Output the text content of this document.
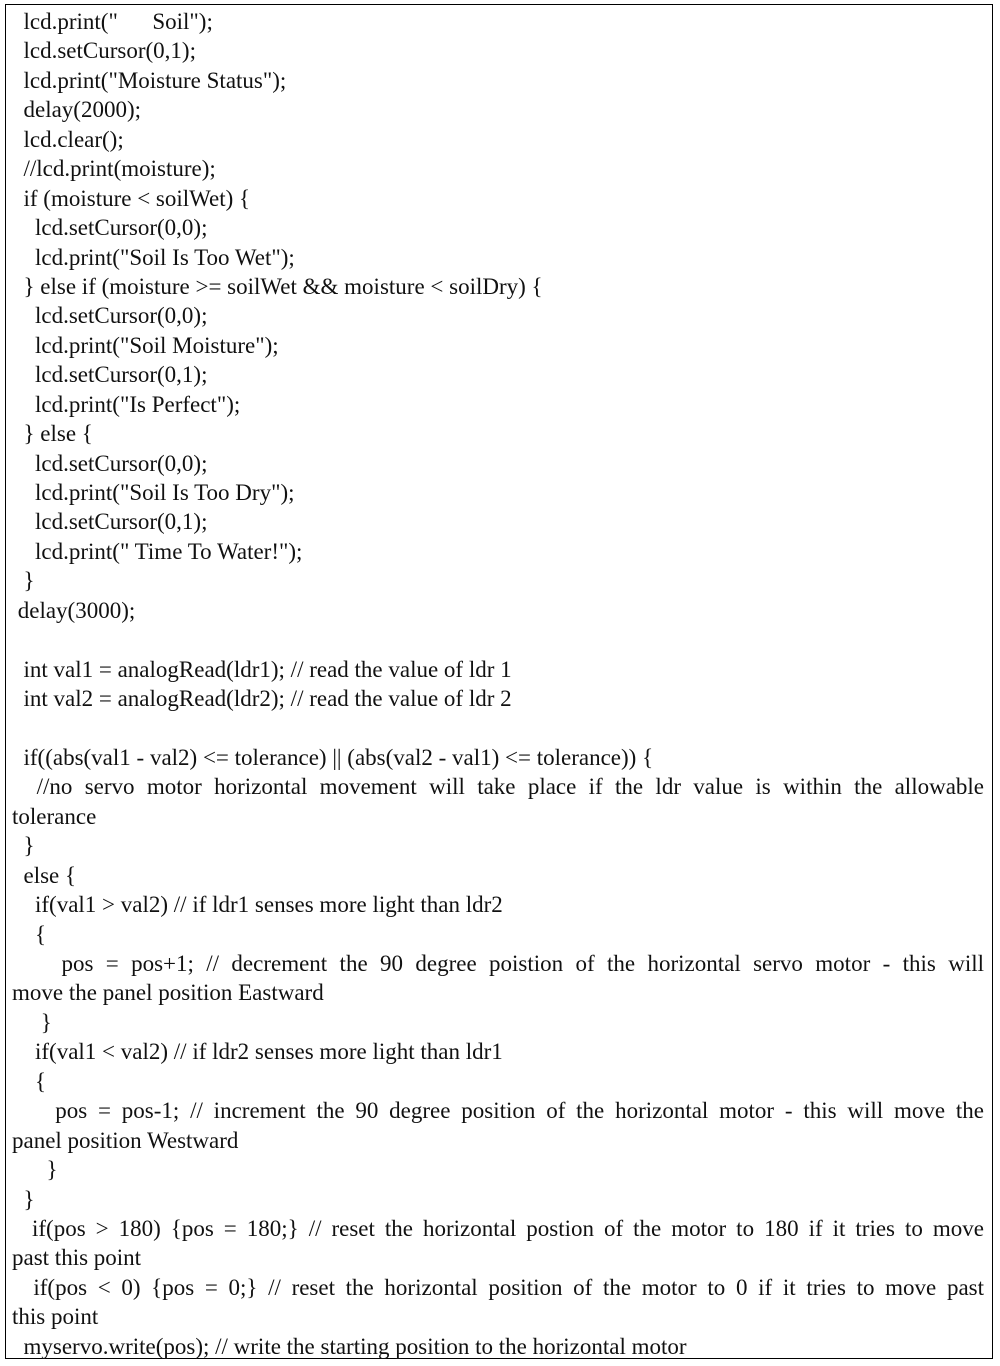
lcd.print("      Soil");
lcd.setCursor(0,1);
lcd.print("Moisture Status");
delay(2000);
lcd.clear();
//lcd.print(moisture);
if (moisture < soilWet) {
lcd.setCursor(0,0);
lcd.print("Soil Is Too Wet");
} else if (moisture >= soilWet && moisture < soilDry) {
lcd.setCursor(0,0);
lcd.print("Soil Moisture");
lcd.setCursor(0,1);
lcd.print("Is Perfect");
} else {
lcd.setCursor(0,0);
lcd.print("Soil Is Too Dry");
lcd.setCursor(0,1);
lcd.print(" Time To Water!");
}
delay(3000);
int val1 = analogRead(ldr1); // read the value of ldr 1
int val2 = analogRead(ldr2); // read the value of ldr 2
if((abs(val1 - val2) <= tolerance) || (abs(val2 - val1) <= tolerance)) {
//no servo motor horizontal movement will take place if the ldr value is within the allowable
tolerance
}
else {
if(val1 > val2) // if ldr1 senses more light than ldr2
{
pos = pos+1; // decrement the 90 degree poistion of the horizontal servo motor - this will
move the panel position Eastward
}
if(val1 < val2) // if ldr2 senses more light than ldr1
{
pos = pos-1; // increment the 90 degree position of the horizontal motor - this will move the
panel position Westward
}
}
if(pos > 180) {pos = 180;} // reset the horizontal postion of the motor to 180 if it tries to move
past this point
if(pos < 0) {pos = 0;} // reset the horizontal position of the motor to 0 if it tries to move past
this point
myservo.write(pos); // write the starting position to the horizontal motor
